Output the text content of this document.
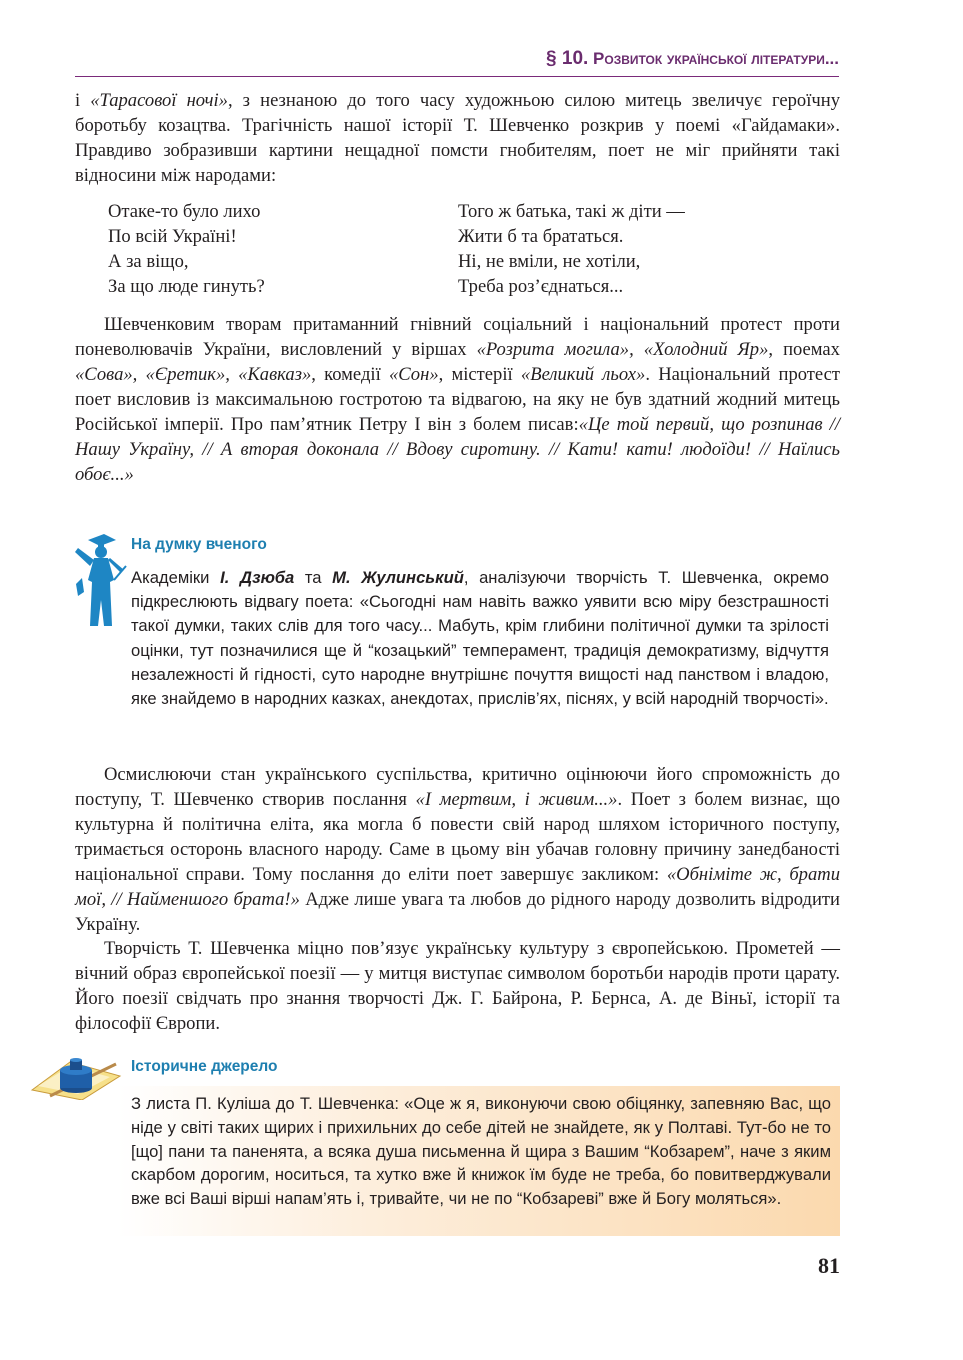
§ 10. Розвиток української літератури...

і «Тарасової ночі», з незнаною до того часу художньою силою митець звеличує героїчну боротьбу козацтва. Трагічність нашої історії Т. Шевченко розкрив у поемі «Гайдамаки». Правдиво зобразивши картини нещадної помсти гнобителям, поет не міг прийняти такі відносини між народами:

Отаке-то було лихо
По всій Україні!
А за віщо,
За що люде гинуть?
Того ж батька, такі ж діти —
Жити б та брататься.
Ні, не вміли, не хотіли,
Треба роз’єднаться...

Шевченковим творам притаманний гнівний соціальний і національний протест проти поневолювачів України, висловлений у віршах «Розрита могила», «Холодний Яр», поемах «Сова», «Єретик», «Кавказ», комедії «Сон», містерії «Великий льох». Національний протест поет висловив із максимальною гостротою та відвагою, на яку не був здатний жодний митець Російської імперії. Про пам’ятник Петру І він з болем писав:«Це той первий, що розпинав // Нашу Україну, // А вторая доконала // Вдову сиротину. // Кати! кати! людоїди! // Наїлись обоє...»

На думку вченого
Академіки І. Дзюба та М. Жулинський, аналізуючи творчість Т. Шевченка, окремо підкреслюють відвагу поета: «Сьогодні нам навіть важко уявити всю міру безстрашності такої думки, таких слів для того часу... Мабуть, крім глибини політичної думки та зрілості оцінки, тут позначилися ще й “козацький” темперамент, традиція демократизму, відчуття незалежності й гідності, суто народне внутрішнє почуття вищості над панством і владою, яке знайдемо в народних казках, анекдотах, прислів’ях, піснях, у всій народній творчості».

Осмислюючи стан українського суспільства, критично оцінюючи його спроможність до поступу, Т. Шевченко створив послання «І мертвим, і живим...». Поет з болем визнає, що культурна й політична еліта, яка могла б повести свій народ шляхом історичного поступу, тримається осторонь власного народу. Саме в цьому він убачав головну причину занедбаності національної справи. Тому послання до еліти поет завершує закликом: «Обніміте ж, брати мої, // Найменшого брата!» Адже лише увага та любов до рідного народу дозволить відродити Україну.

Творчість Т. Шевченка міцно пов’язує українську культуру з європейською. Прометей — вічний образ європейської поезії — у митця виступає символом боротьби народів проти царату. Його поезії свідчать про знання творчості Дж. Г. Байрона, Р. Бернса, А. де Віньї, історії та філософії Європи.

Історичне джерело

З листа П. Куліша до Т. Шевченка: «Оце ж я, виконуючи свою обіцянку, запевняю Вас, що ніде у світі таких щирих і прихильних до себе дітей не знайдете, як у Полтаві. Тут-бо не то [що] пани та паненята, а всяка душа письменна й щира з Вашим “Кобзарем”, наче з яким скарбом дорогим, носиться, та хутко вже й книжок їм буде не треба, бо повитверджували вже всі Ваші вірші напам’ять і, тривайте, чи не по “Кобзареві” вже й Богу моляться».

81
